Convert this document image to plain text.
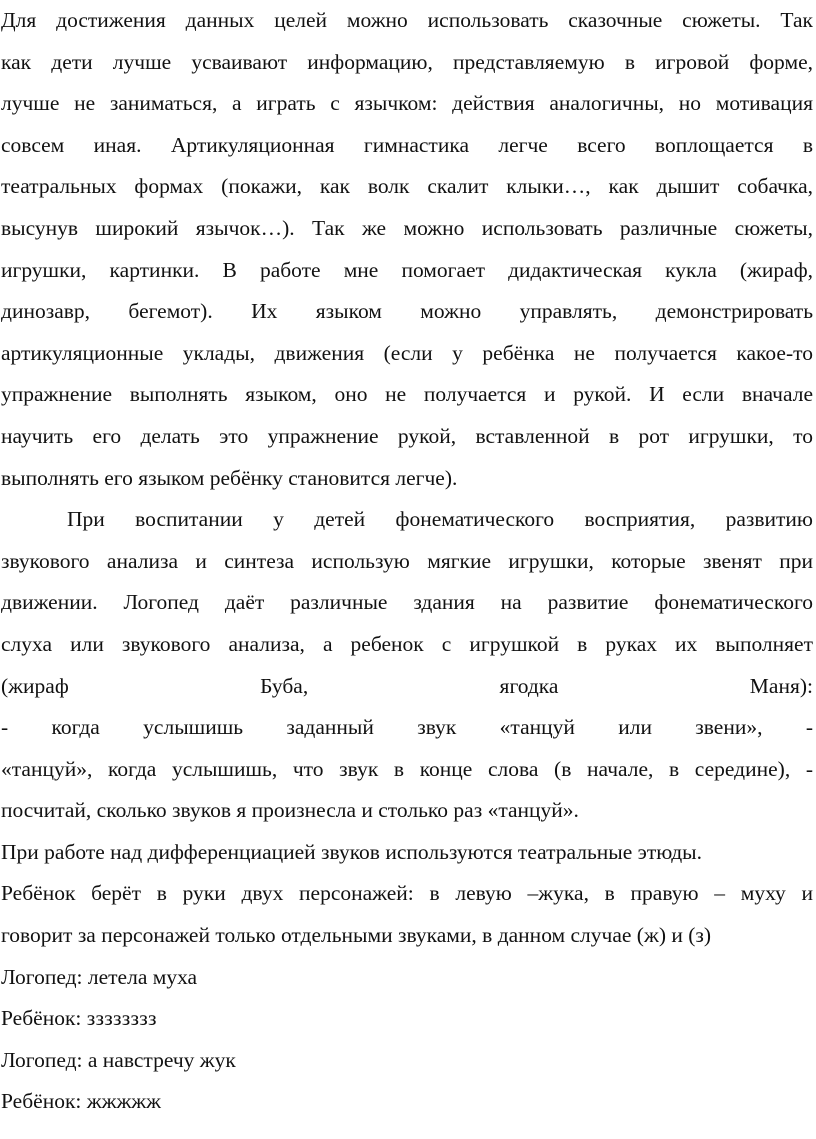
Для достижения данных целей можно использовать сказочные сюжеты. Так
как дети лучше усваивают информацию, представляемую в игровой форме,
лучше не заниматься, а играть с язычком: действия аналогичны, но мотивация
совсем иная. Артикуляционная гимнастика легче всего воплощается в
театральных формах (покажи, как волк скалит клыки…, как дышит собачка,
высунув широкий язычок…). Так же можно использовать различные сюжеты,
игрушки, картинки. В работе мне помогает дидактическая кукла (жираф,
динозавр, бегемот). Их языком можно управлять, демонстрировать
артикуляционные уклады, движения (если у ребёнка не получается какое-то
упражнение выполнять языком, оно не получается и рукой. И если вначале
научить его делать это упражнение рукой, вставленной в рот игрушки, то
выполнять его языком ребёнку становится легче).
При воспитании у детей фонематического восприятия, развитию
звукового анализа и синтеза использую мягкие игрушки, которые звенят при
движении. Логопед даёт различные здания на развитие фонематического
слуха или звукового анализа, а ребенок с игрушкой в руках их выполняет
(жираф Буба, ягодка Маня):
- когда услышишь заданный звук «танцуй или звени», -
«танцуй», когда услышишь, что звук в конце слова (в начале, в середине), -
посчитай, сколько звуков я произнесла и столько раз «танцуй».
При работе над дифференциацией звуков используются театральные этюды.
Ребёнок берёт в руки двух персонажей: в левую –жука, в правую – муху и
говорит за персонажей только отдельными звуками, в данном случае (ж) и (з)
Логопед: летела муха
Ребёнок: зззззззз
Логопед: а навстречу жук
Ребёнок: жжжжж
